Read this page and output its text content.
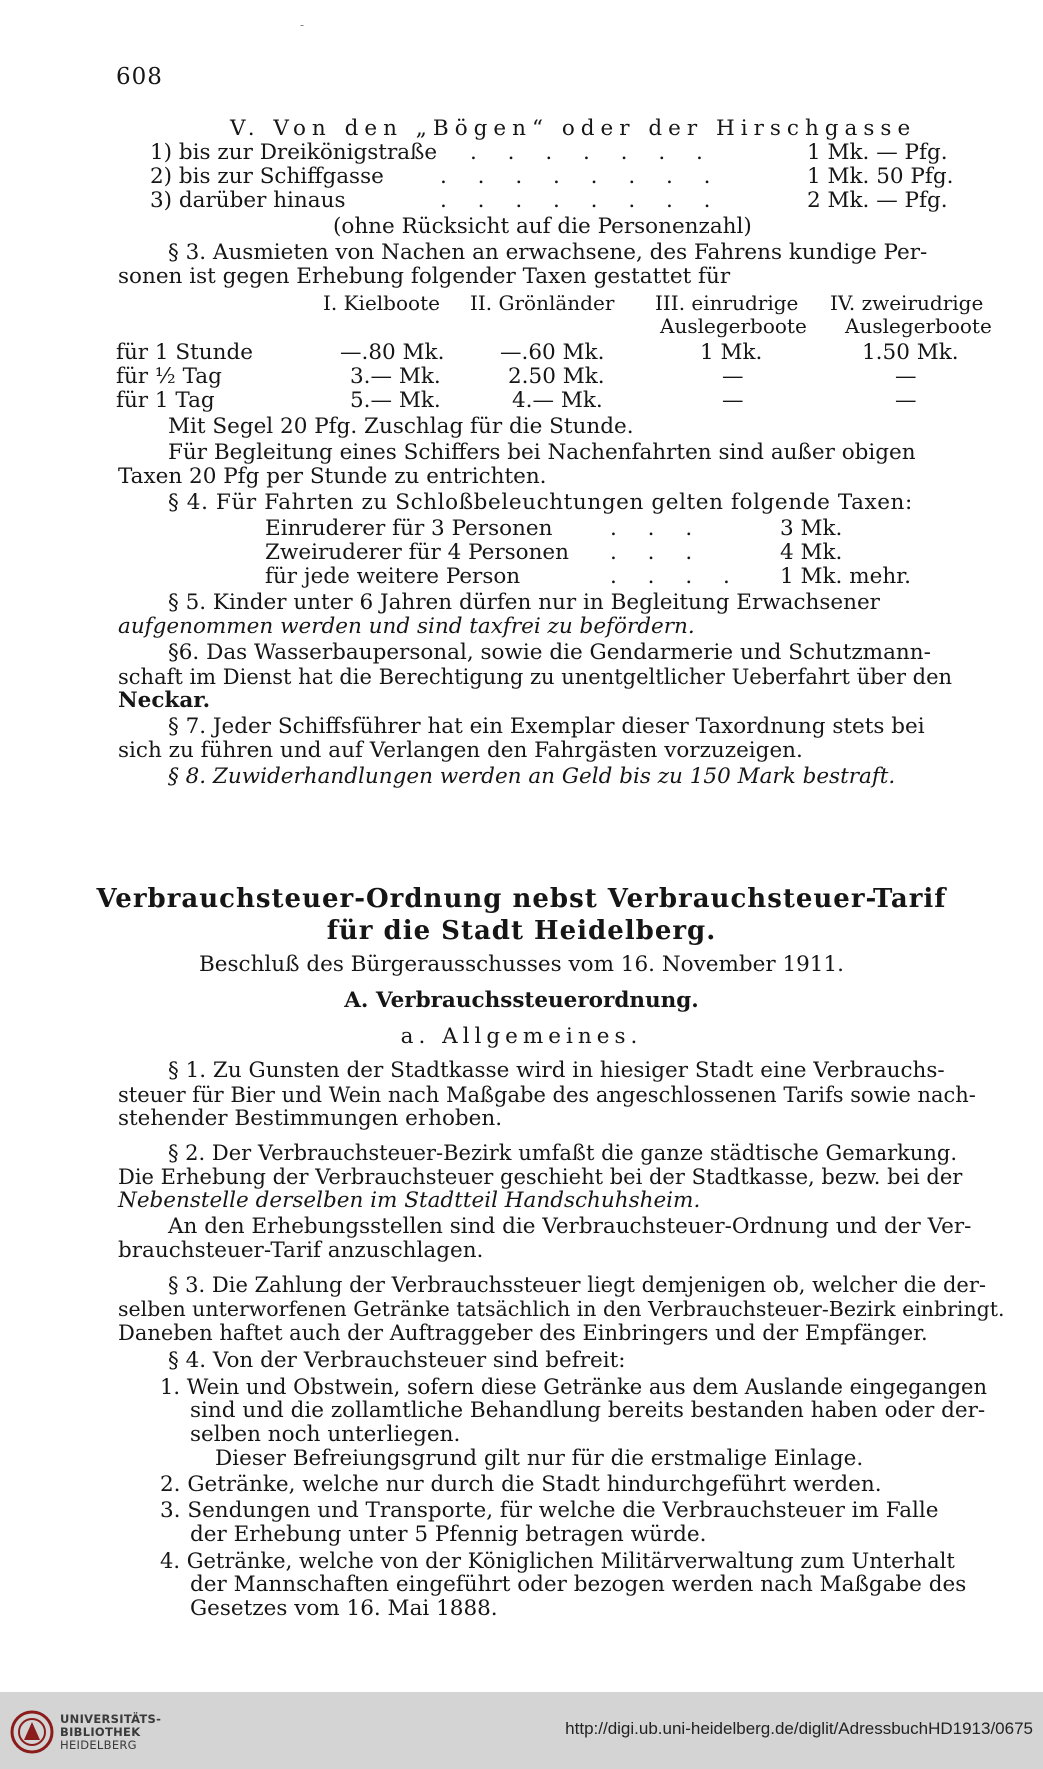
-
608
V. Von den „Bögen“ oder der Hirschgasse
1) bis zur Dreikönigstraße . . . . . . .	1 Mk. — Pfg.
2) bis zur Schiffgasse	. . . . . . . .	1 Mk. 50 Pfg.
3) darüber hinaus	. . . . . . . .	2 Mk. — Pfg.
(ohne Rücksicht auf die Personenzahl)
§ 3. Ausmieten von Nachen an erwachsene, des Fahrens kundige Per-
sonen ist gegen Erhebung folgender Taxen gestattet für
I. Kielboote II. Grönländer III. einrudrige IV. zweirudrige
Auslegerboote Auslegerboote
für 1 Stunde	—.80 Mk.	—.60 Mk.	1 Mk.	1.50 Mk.
für ½ Tag	3.— Mk.	2.50 Mk.	—	—
für 1 Tag	5.— Mk.	4.— Mk.	—	—
Mit Segel 20 Pfg. Zuschlag für die Stunde.
Für Begleitung eines Schiffers bei Nachenfahrten sind außer obigen
Taxen 20 Pfg per Stunde zu entrichten.
§ 4. Für Fahrten zu Schloßbeleuchtungen gelten folgende Taxen:
Einruderer für 3 Personen	. . .	3 Mk.
Zweiruderer für 4 Personen . . .	4 Mk.
für jede weitere Person	. . . . 1 Mk. mehr.
§ 5. Kinder unter 6 Jahren dürfen nur in Begleitung Erwachsener
aufgenommen werden und sind taxfrei zu befördern.
§6. Das Wasserbaupersonal, sowie die Gendarmerie und Schutzmann-
schaft im Dienst hat die Berechtigung zu unentgeltlicher Ueberfahrt über den
Neckar.
§ 7. Jeder Schiffsführer hat ein Exemplar dieser Taxordnung stets bei
sich zu führen und auf Verlangen den Fahrgästen vorzuzeigen.
§ 8. Zuwiderhandlungen werden an Geld bis zu 150 Mark bestraft.
Verbrauchsteuer-Ordnung nebst Verbrauchsteuer-Tarif
für die Stadt Heidelberg.
Beschluß des Bürgerausschusses vom 16. November 1911.
A. Verbrauchssteuerordnung.
a. Allgemeines.
§ 1. Zu Gunsten der Stadtkasse wird in hiesiger Stadt eine Verbrauchs-
steuer für Bier und Wein nach Maßgabe des angeschlossenen Tarifs sowie nach-
stehender Bestimmungen erhoben.
§ 2. Der Verbrauchsteuer-Bezirk umfaßt die ganze städtische Gemarkung.
Die Erhebung der Verbrauchsteuer geschieht bei der Stadtkasse, bezw. bei der
Nebenstelle derselben im Stadtteil Handschuhsheim.
An den Erhebungsstellen sind die Verbrauchsteuer-Ordnung und der Ver-
brauchsteuer-Tarif anzuschlagen.
§ 3. Die Zahlung der Verbrauchssteuer liegt demjenigen ob, welcher die der-
selben unterworfenen Getränke tatsächlich in den Verbrauchsteuer-Bezirk einbringt.
Daneben haftet auch der Auftraggeber des Einbringers und der Empfänger.
§ 4. Von der Verbrauchsteuer sind befreit:
1. Wein und Obstwein, sofern diese Getränke aus dem Auslande eingegangen
sind und die zollamtliche Behandlung bereits bestanden haben oder der-
selben noch unterliegen.
Dieser Befreiungsgrund gilt nur für die erstmalige Einlage.
2. Getränke, welche nur durch die Stadt hindurchgeführt werden.
3. Sendungen und Transporte, für welche die Verbrauchsteuer im Falle
der Erhebung unter 5 Pfennig betragen würde.
4. Getränke, welche von der Königlichen Militärverwaltung zum Unterhalt
der Mannschaften eingeführt oder bezogen werden nach Maßgabe des
Gesetzes vom 16. Mai 1888.
UNIVERSITÄTS-
BIBLIOTHEK
HEIDELBERG
http://digi.ub.uni-heidelberg.de/diglit/AdressbuchHD1913/0675
